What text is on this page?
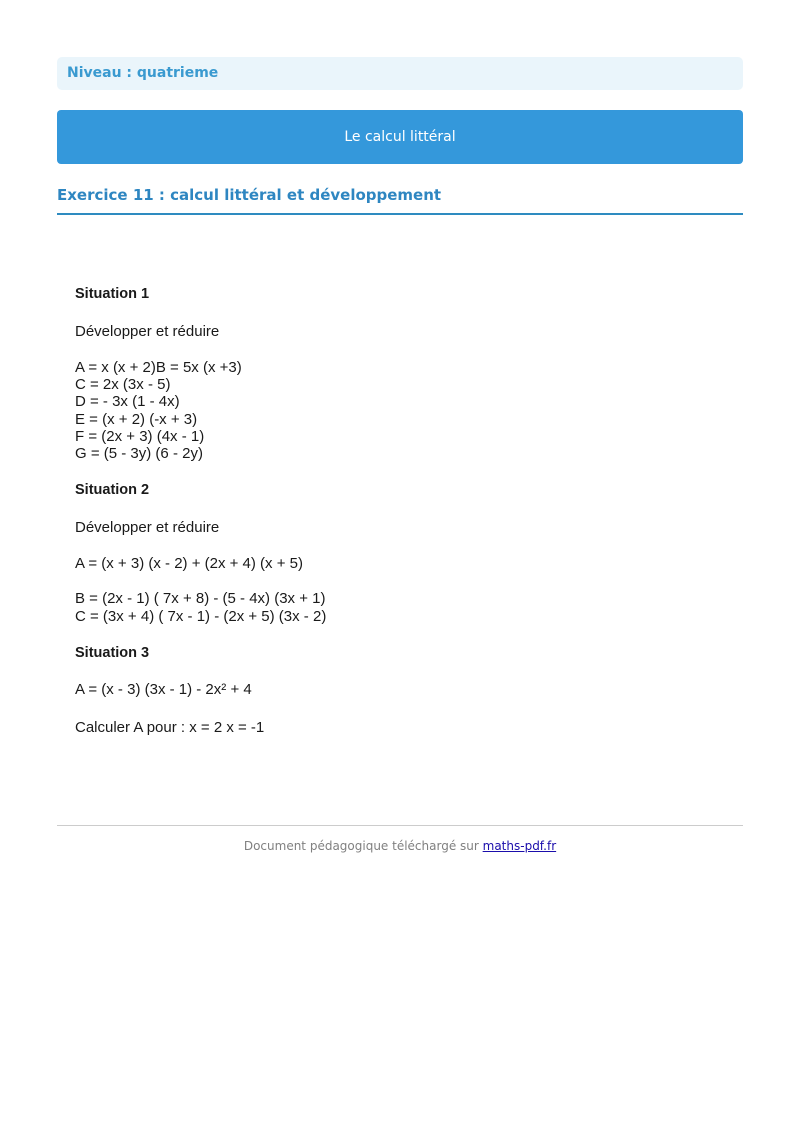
Niveau : quatrieme
Le calcul littéral
Exercice 11 : calcul littéral et développement
Situation 1
Développer et réduire
A = x (x + 2)B = 5x (x +3)
C = 2x (3x - 5)
D = - 3x (1 - 4x)
E = (x + 2) (-x + 3)
F = (2x + 3) (4x - 1)
G = (5 - 3y) (6 - 2y)
Situation 2
Développer et réduire
A = (x + 3) (x - 2) + (2x + 4) (x + 5)
B = (2x - 1) ( 7x + 8) - (5 - 4x) (3x + 1)
C = (3x + 4) ( 7x - 1) - (2x + 5) (3x - 2)
Situation 3
A = (x - 3) (3x - 1) - 2x² + 4
Calculer A pour : x = 2 x = -1
Document pédagogique téléchargé sur maths-pdf.fr
